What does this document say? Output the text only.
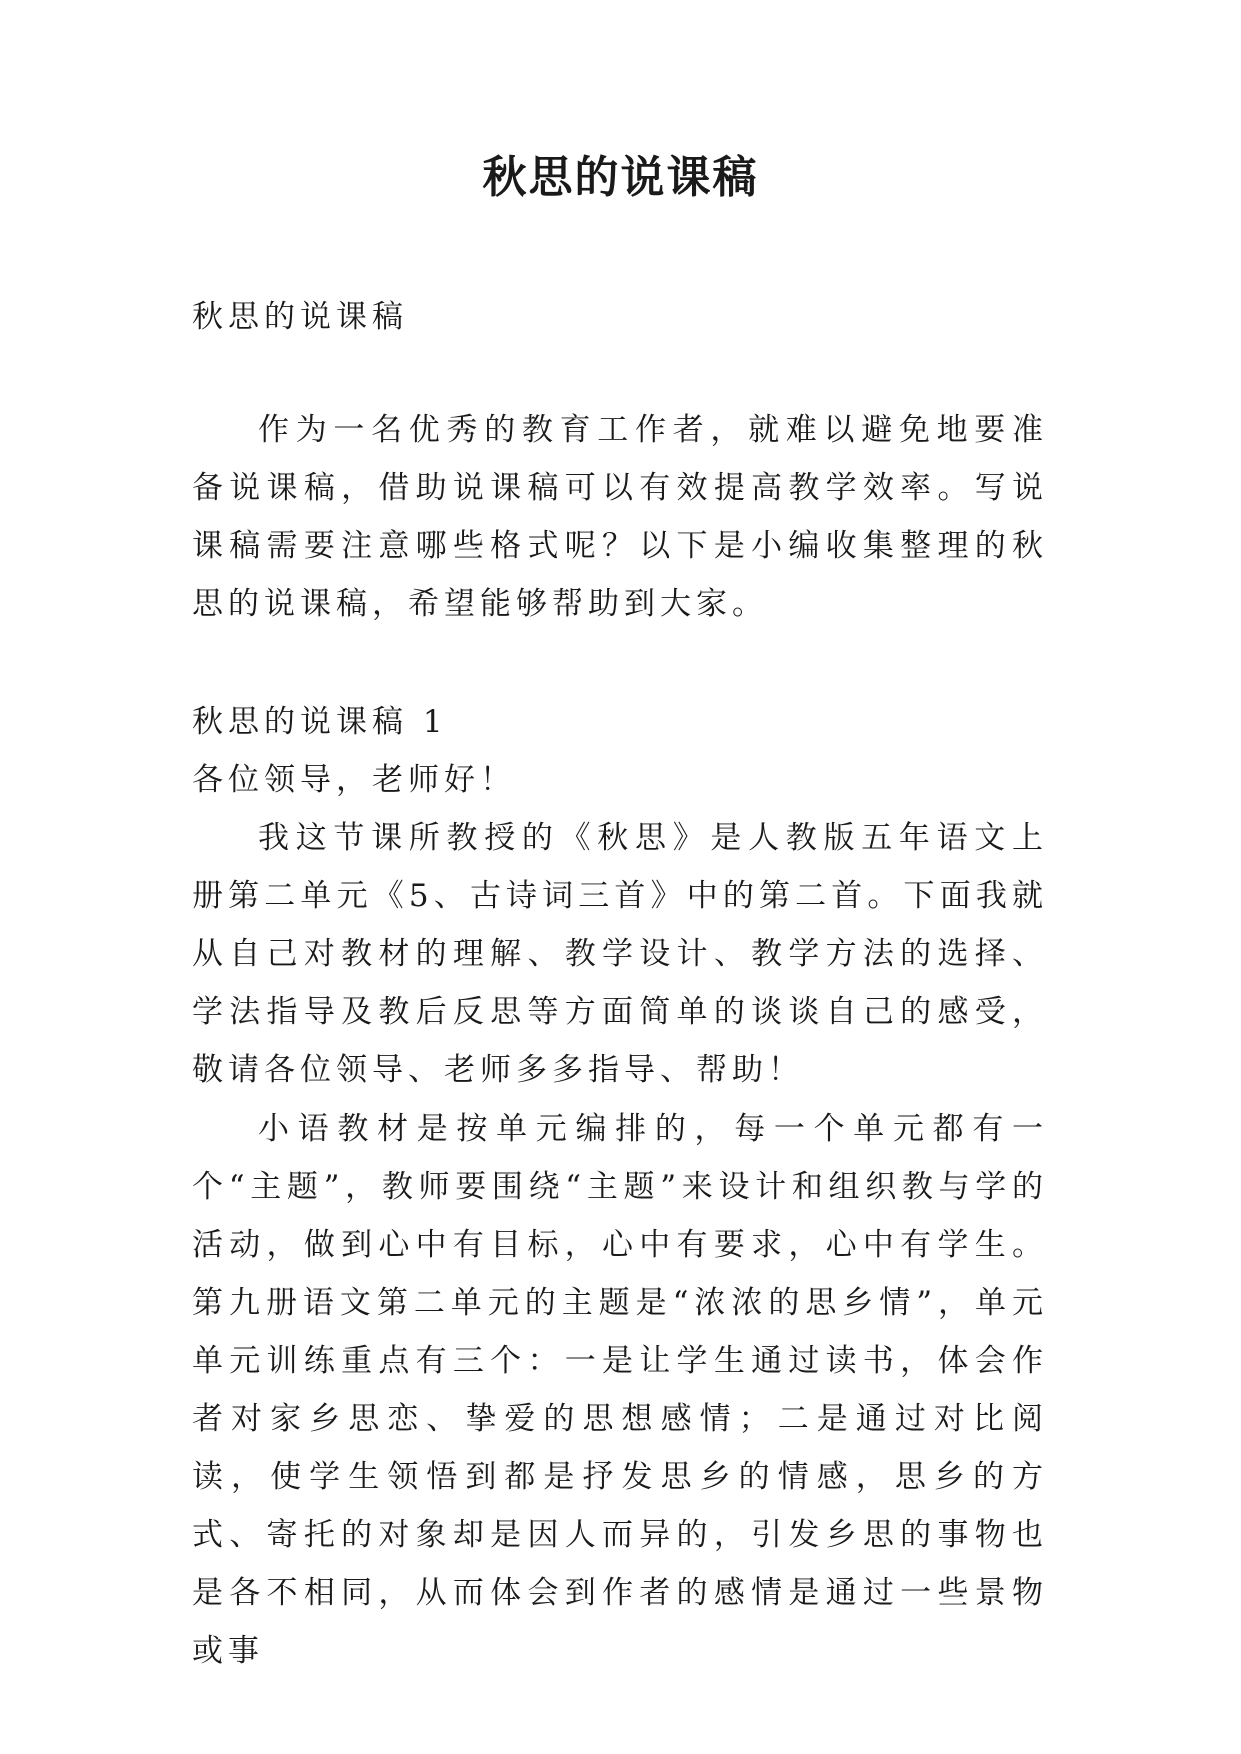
秋思的说课稿

秋思的说课稿

作为一名优秀的教育工作者，就难以避免地要准备说课稿，借助说课稿可以有效提高教学效率。写说课稿需要注意哪些格式呢？以下是小编收集整理的秋思的说课稿，希望能够帮助到大家。

秋思的说课稿 1

各位领导，老师好！

我这节课所教授的《秋思》是人教版五年语文上册第二单元《5、古诗词三首》中的第二首。下面我就从自己对教材的理解、教学设计、教学方法的选择、学法指导及教后反思等方面简单的谈谈自己的感受，敬请各位领导、老师多多指导、帮助！

小语教材是按单元编排的，每一个单元都有一个“主题”，教师要围绕“主题”来设计和组织教与学的活动，做到心中有目标，心中有要求，心中有学生。第九册语文第二单元的主题是“浓浓的思乡情”，单元单元训练重点有三个：一是让学生通过读书，体会作者对家乡思恋、挚爱的思想感情；二是通过对比阅读，使学生领悟到都是抒发思乡的情感，思乡的方式、寄托的对象却是因人而异的，引发乡思的事物也是各不相同，从而体会到作者的感情是通过一些景物或事
